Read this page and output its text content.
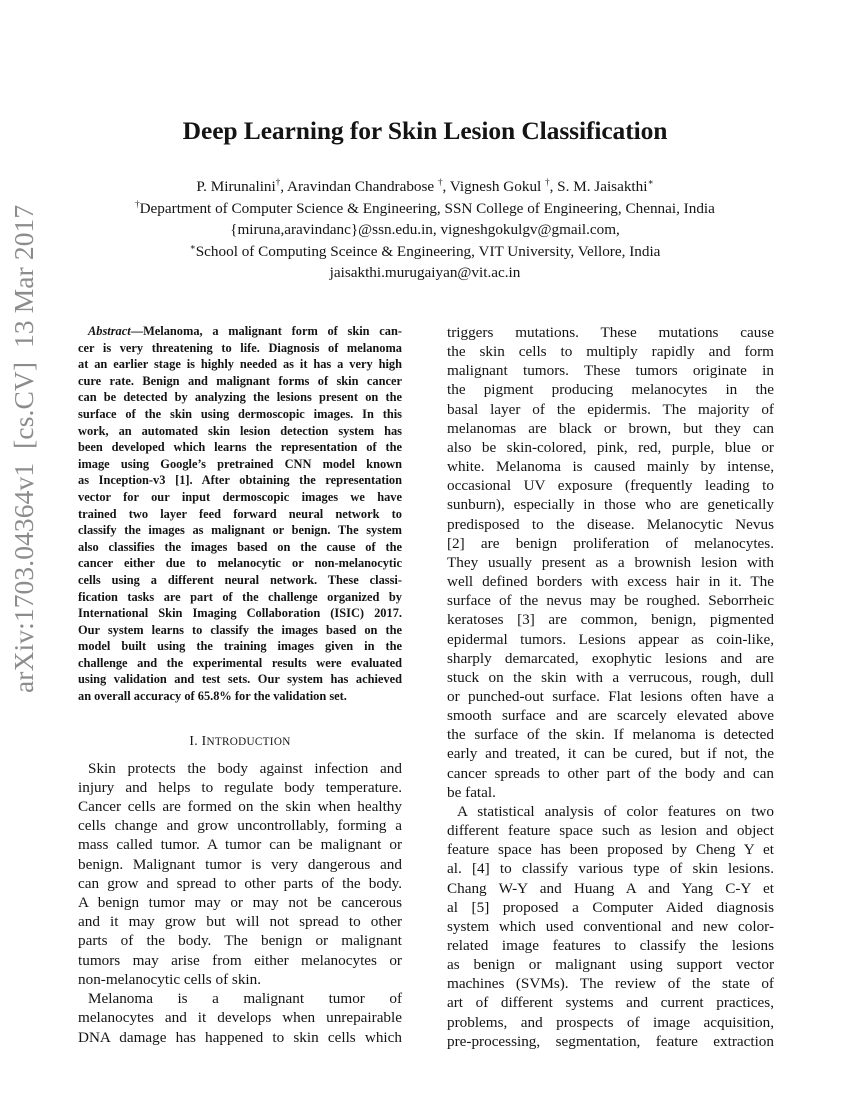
Deep Learning for Skin Lesion Classification
P. Mirunalini†, Aravindan Chandrabose †, Vignesh Gokul †, S. M. Jaisakthi∗
†Department of Computer Science & Engineering, SSN College of Engineering, Chennai, India
{miruna,aravindanc}@ssn.edu.in, vigneshgokulgv@gmail.com,
∗School of Computing Sceince & Engineering, VIT University, Vellore, India
jaisakthi.murugaiyan@vit.ac.in
arXiv:1703.04364v1  [cs.CV]  13 Mar 2017	Abstract—Melanoma, a malignant form of skin can-
cer is very threatening to life. Diagnosis of melanoma
at an earlier stage is highly needed as it has a very high
cure rate. Benign and malignant forms of skin cancer
can be detected by analyzing the lesions present on the
surface of the skin using dermoscopic images. In this
work, an automated skin lesion detection system has
been developed which learns the representation of the
image using Google’s pretrained CNN model known
as Inception-v3 [1]. After obtaining the representation
vector for our input dermoscopic images we have
trained two layer feed forward neural network to
classify the images as malignant or benign. The system
also classifies the images based on the cause of the
cancer either due to melanocytic or non-melanocytic
cells using a different neural network. These classi-
fication tasks are part of the challenge organized by
International Skin Imaging Collaboration (ISIC) 2017.
Our system learns to classify the images based on the
model built using the training images given in the
challenge and the experimental results were evaluated
using validation and test sets. Our system has achieved
an overall accuracy of 65.8% for the validation set.
I. INTRODUCTION
Skin protects the body against infection and
injury and helps to regulate body temperature.
Cancer cells are formed on the skin when healthy
cells change and grow uncontrollably, forming a
mass called tumor. A tumor can be malignant or
benign. Malignant tumor is very dangerous and
can grow and spread to other parts of the body.
A benign tumor may or may not be cancerous
and it may grow but will not spread to other
parts of the body. The benign or malignant
tumors may arise from either melanocytes or
non-melanocytic cells of skin.
Melanoma is a malignant tumor of
melanocytes and it develops when unrepairable
DNA damage has happened to skin cells which
triggers mutations. These mutations cause
the skin cells to multiply rapidly and form
malignant tumors. These tumors originate in
the pigment producing melanocytes in the
basal layer of the epidermis. The majority of
melanomas are black or brown, but they can
also be skin-colored, pink, red, purple, blue or
white. Melanoma is caused mainly by intense,
occasional UV exposure (frequently leading to
sunburn), especially in those who are genetically
predisposed to the disease. Melanocytic Nevus
[2] are benign proliferation of melanocytes.
They usually present as a brownish lesion with
well defined borders with excess hair in it. The
surface of the nevus may be roughed. Seborrheic
keratoses [3] are common, benign, pigmented
epidermal tumors. Lesions appear as coin-like,
sharply demarcated, exophytic lesions and are
stuck on the skin with a verrucous, rough, dull
or punched-out surface. Flat lesions often have a
smooth surface and are scarcely elevated above
the surface of the skin. If melanoma is detected
early and treated, it can be cured, but if not, the
cancer spreads to other part of the body and can
be fatal.
A statistical analysis of color features on two
different feature space such as lesion and object
feature space has been proposed by Cheng Y et
al. [4] to classify various type of skin lesions.
Chang W-Y and Huang A and Yang C-Y et
al [5] proposed a Computer Aided diagnosis
system which used conventional and new color-
related image features to classify the lesions
as benign or malignant using support vector
machines (SVMs). The review of the state of
art of different systems and current practices,
problems, and prospects of image acquisition,
pre-processing, segmentation, feature extraction
